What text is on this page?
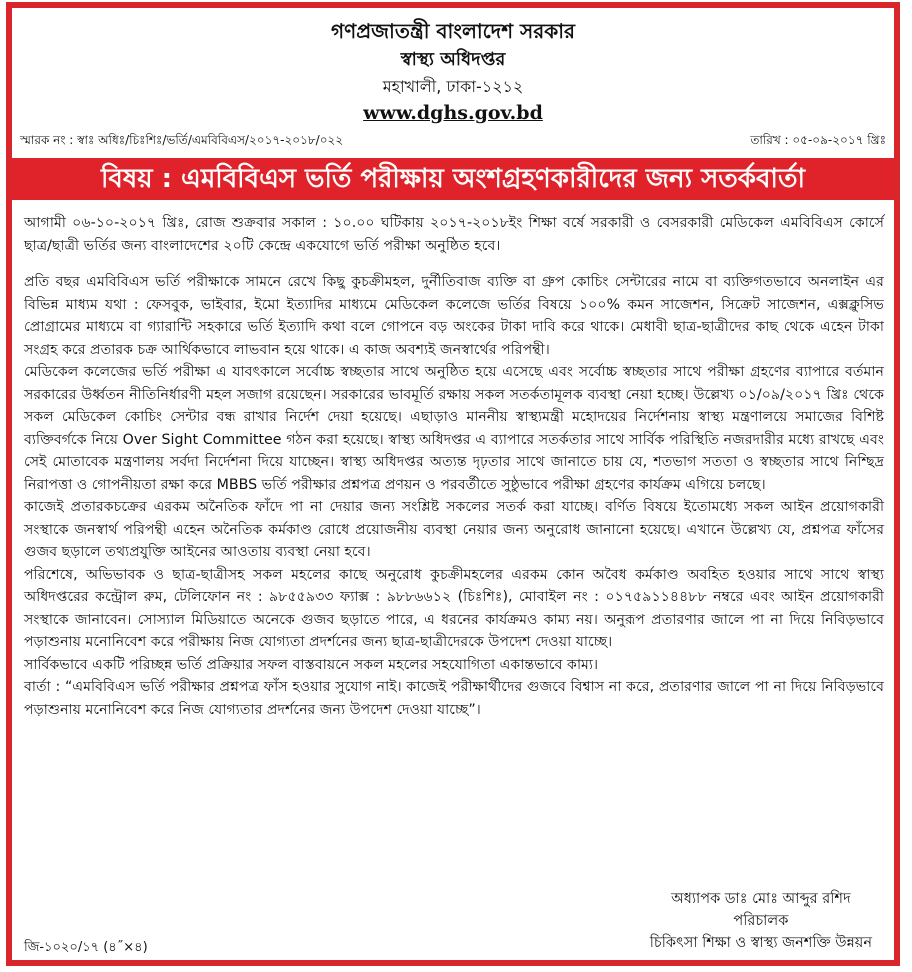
গণপ্রজাতন্ত্রী বাংলাদেশ সরকার
স্বাস্থ্য অধিদপ্তর
মহাখালী, ঢাকা-১২১২
www.dghs.gov.bd
স্মারক নং : স্বাঃ অধিঃ/চিঃশিঃ/ভর্তি/এমবিবিএস/২০১৭-২০১৮/০২২	তারিখ : ০৫-০৯-২০১৭ খ্রিঃ
বিষয় : এমবিবিএস ভর্তি পরীক্ষায় অংশগ্রহণকারীদের জন্য সতর্কবার্তা

আগামী ০৬-১০-২০১৭ খ্রিঃ, রোজ শুক্রবার সকাল : ১০.০০ ঘটিকায় ২০১৭-২০১৮ইং শিক্ষা বর্ষে সরকারী ও বেসরকারী মেডিকেল এমবিবিএস কোর্সে ছাত্র/ছাত্রী ভর্তির জন্য বাংলাদেশের ২০টি কেন্দ্রে একযোগে ভর্তি পরীক্ষা অনুষ্ঠিত হবে।

প্রতি বছর এমবিবিএস ভর্তি পরীক্ষাকে সামনে রেখে কিছু কুচক্রীমহল, দুর্নীতিবাজ ব্যক্তি বা গ্রুপ কোচিং সেন্টারের নামে বা ব্যক্তিগতভাবে অনলাইন এর বিভিন্ন মাধ্যম যথা : ফেসবুক, ভাইবার, ইমো ইত্যাদির মাধ্যমে মেডিকেল কলেজে ভর্তির বিষয়ে ১০০% কমন সাজেশন, সিক্রেট সাজেশন, এক্সক্লুসিভ প্রোগ্রামের মাধ্যমে বা গ্যারান্টি সহকারে ভর্তি ইত্যাদি কথা বলে গোপনে বড় অংকের টাকা দাবি করে থাকে। মেধাবী ছাত্র-ছাত্রীদের কাছ থেকে এহেন টাকা সংগ্রহ করে প্রতারক চক্র আর্থিকভাবে লাভবান হয়ে থাকে। এ কাজ অবশ্যই জনস্বার্থের পরিপন্থী।

মেডিকেল কলেজের ভর্তি পরীক্ষা এ যাবৎকালে সর্বোচ্চ স্বচ্ছতার সাথে অনুষ্ঠিত হয়ে এসেছে এবং সর্বোচ্চ স্বচ্ছতার সাথে পরীক্ষা গ্রহণের ব্যাপারে বর্তমান সরকারের উর্ধ্বতন নীতিনির্ধারণী মহল সজাগ রয়েছেন। সরকারের ভাবমূর্তি রক্ষায় সকল সতর্কতামূলক ব্যবস্থা নেয়া হচ্ছে। উল্লেখ্য ০১/০৯/২০১৭ খ্রিঃ থেকে সকল মেডিকেল কোচিং সেন্টার বন্ধ রাখার নির্দেশ দেয়া হয়েছে। এছাড়াও মাননীয় স্বাস্থ্যমন্ত্রী মহোদয়ের নির্দেশনায় স্বাস্থ্য মন্ত্রণালয়ে সমাজের বিশিষ্ট ব্যক্তিবর্গকে নিয়ে Over Sight Committee গঠন করা হয়েছে। স্বাস্থ্য অধিদপ্তর এ ব্যাপারে সতর্কতার সাথে সার্বিক পরিস্থিতি নজরদারীর মধ্যে রাখছে এবং সেই মোতাবেক মন্ত্রণালয় সর্বদা নির্দেশনা দিয়ে যাচ্ছেন। স্বাস্থ্য অধিদপ্তর অত্যন্ত দৃঢ়তার সাথে জানাতে চায় যে, শতভাগ সততা ও স্বচ্ছতার সাথে নিশ্ছিদ্র নিরাপত্তা ও গোপনীয়তা রক্ষা করে MBBS ভর্তি পরীক্ষার প্রশ্নপত্র প্রণয়ন ও পরবর্তীতে সুষ্ঠুভাবে পরীক্ষা গ্রহণের কার্যক্রম এগিয়ে চলছে।

কাজেই প্রতারকচক্রের এরকম অনৈতিক ফাঁদে পা না দেয়ার জন্য সংশ্লিষ্ট সকলের সতর্ক করা যাচ্ছে। বর্ণিত বিষয়ে ইতোমধ্যে সকল আইন প্রয়োগকারী সংস্থাকে জনস্বার্থ পরিপন্থী এহেন অনৈতিক কর্মকাণ্ড রোধে প্রয়োজনীয় ব্যবস্থা নেয়ার জন্য অনুরোধ জানানো হয়েছে। এখানে উল্লেখ্য যে, প্রশ্নপত্র ফাঁসের গুজব ছড়ালে তথ্যপ্রযুক্তি আইনের আওতায় ব্যবস্থা নেয়া হবে।

পরিশেষে, অভিভাবক ও ছাত্র-ছাত্রীসহ সকল মহলের কাছে অনুরোধ কুচক্রীমহলের এরকম কোন অবৈধ কর্মকাণ্ড অবহিত হওয়ার সাথে সাথে স্বাস্থ্য অধিদপ্তরের কন্ট্রোল রুম, টেলিফোন নং : ৯৮৫৫৯৩৩ ফ্যাক্স : ৯৮৮৬৬১২ (চিঃশিঃ), মোবাইল নং : ০১৭৫৯১১৪৪৮৮ নম্বরে এবং আইন প্রয়োগকারী সংস্থাকে জানাবেন। সোস্যাল মিডিয়াতে অনেকে গুজব ছড়াতে পারে, এ ধরনের কার্যক্রমও কাম্য নয়। অনুরূপ প্রতারণার জালে পা না দিয়ে নিবিড়ভাবে পড়াশুনায় মনোনিবেশ করে পরীক্ষায় নিজ যোগ্যতা প্রদর্শনের জন্য ছাত্র-ছাত্রীদেরকে উপদেশ দেওয়া যাচ্ছে।

সার্বিকভাবে একটি পরিচ্ছন্ন ভর্তি প্রক্রিয়ার সফল বাস্তবায়নে সকল মহলের সহযোগিতা একান্তভাবে কাম্য।

বার্তা : “এমবিবিএস ভর্তি পরীক্ষার প্রশ্নপত্র ফাঁস হওয়ার সুযোগ নাই। কাজেই পরীক্ষার্থীদের গুজবে বিশ্বাস না করে, প্রতারণার জালে পা না দিয়ে নিবিড়ভাবে পড়াশুনায় মনোনিবেশ করে নিজ যোগ্যতার প্রদর্শনের জন্য উপদেশ দেওয়া যাচ্ছে”।

অধ্যাপক ডাঃ মোঃ আব্দুর রশিদ
পরিচালক
চিকিৎসা শিক্ষা ও স্বাস্থ্য জনশক্তি উন্নয়ন
জি-১০২০/১৭ (৪˝×৪)
